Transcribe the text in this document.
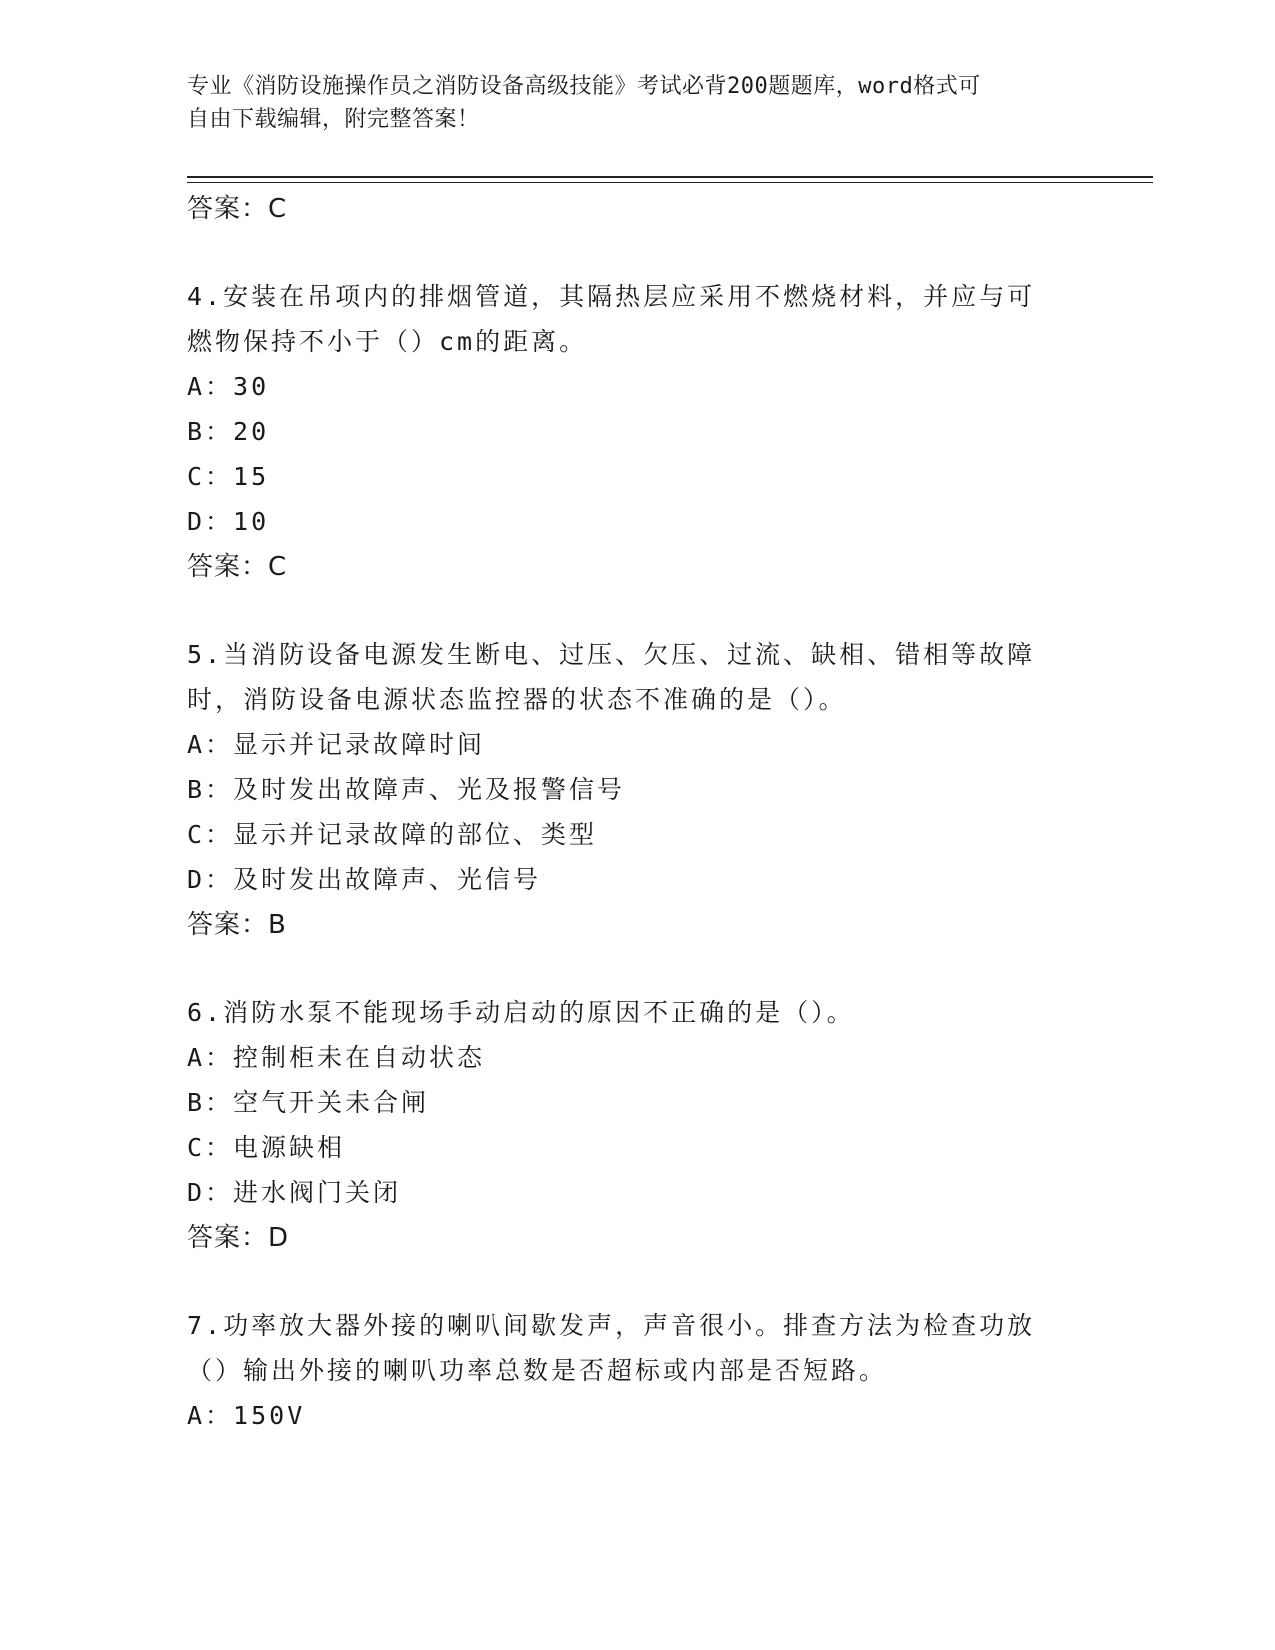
专业《消防设施操作员之消防设备高级技能》考试必背200题题库，word格式可
自由下载编辑，附完整答案！
答案：C
4.安装在吊项内的排烟管道，其隔热层应采用不燃烧材料，并应与可
燃物保持不小于（）cm的距离。
A：30
B：20
C：15
D：10
答案：C
5.当消防设备电源发生断电、过压、欠压、过流、缺相、错相等故障
时，消防设备电源状态监控器的状态不准确的是（）。
A：显示并记录故障时间
B：及时发出故障声、光及报警信号
C：显示并记录故障的部位、类型
D：及时发出故障声、光信号
答案：B
6.消防水泵不能现场手动启动的原因不正确的是（）。
A：控制柜未在自动状态
B：空气开关未合闸
C：电源缺相
D：进水阀门关闭
答案：D
7.功率放大器外接的喇叭间歇发声，声音很小。排查方法为检查功放
（）输出外接的喇叭功率总数是否超标或内部是否短路。
A：150V
